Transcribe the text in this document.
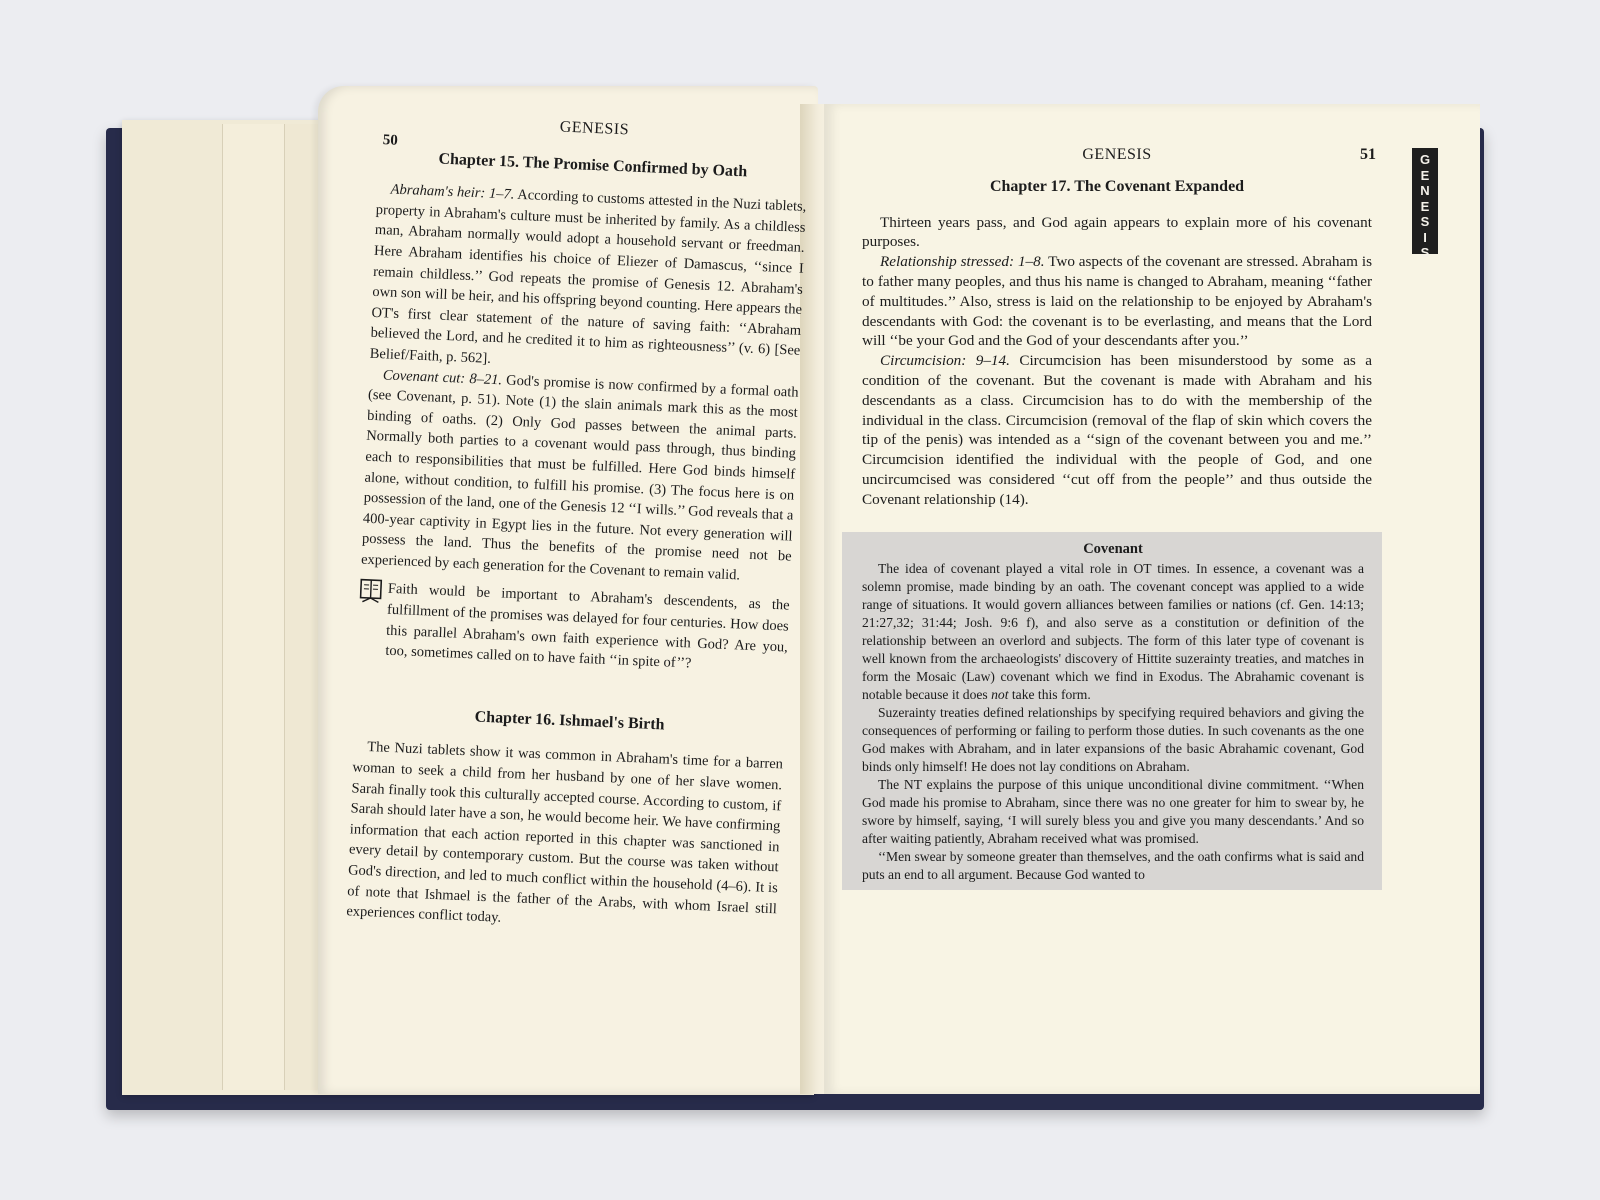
GENESIS
50
Chapter 15. The Promise Confirmed by Oath

Abraham's heir: 1–7. According to customs attested in the Nuzi tablets, property in Abraham's culture must be inherited by family. As a childless man, Abraham normally would adopt a household servant or freedman. Here Abraham identifies his choice of Eliezer of Damascus, ‘‘since I remain childless.’’ God repeats the promise of Genesis 12. Abraham's own son will be heir, and his offspring beyond counting. Here appears the OT's first clear statement of the nature of saving faith: ‘‘Abraham believed the Lord, and he credited it to him as righteousness’’ (v. 6) [See Belief/Faith, p. 562].

Covenant cut: 8–21. God's promise is now confirmed by a formal oath (see Covenant, p. 51). Note (1) the slain animals mark this as the most binding of oaths. (2) Only God passes between the animal parts. Normally both parties to a covenant would pass through, thus binding each to responsibilities that must be fulfilled. Here God binds himself alone, without condition, to fulfill his promise. (3) The focus here is on possession of the land, one of the Genesis 12 ‘‘I wills.’’ God reveals that a 400-year captivity in Egypt lies in the future. Not every generation will possess the land. Thus the benefits of the promise need not be experienced by each generation for the Covenant to remain valid.

Faith would be important to Abraham's descendents, as the fulfillment of the promises was delayed for four centuries. How does this parallel Abraham's own faith experience with God? Are you, too, sometimes called on to have faith ‘‘in spite of’’?
Chapter 16. Ishmael's Birth

The Nuzi tablets show it was common in Abraham's time for a barren woman to seek a child from her husband by one of her slave women. Sarah finally took this culturally accepted course. According to custom, if Sarah should later have a son, he would become heir. We have confirming information that each action reported in this chapter was sanctioned in every detail by contemporary custom. But the course was taken without God's direction, and led to much conflict within the household (4–6). It is of note that Ishmael is the father of the Arabs, with whom Israel still experiences conflict today.

51	G
E
N
E
S
I
S
GENESIS
Chapter 17. The Covenant Expanded

Thirteen years pass, and God again appears to explain more of his covenant purposes.

Relationship stressed: 1–8. Two aspects of the covenant are stressed. Abraham is to father many peoples, and thus his name is changed to Abraham, meaning ‘‘father of multitudes.’’ Also, stress is laid on the relationship to be enjoyed by Abraham's descendants with God: the covenant is to be everlasting, and means that the Lord will ‘‘be your God and the God of your descendants after you.’’

Circumcision: 9–14. Circumcision has been misunderstood by some as a condition of the covenant. But the covenant is made with Abraham and his descendants as a class. Circumcision has to do with the membership of the individual in the class. Circumcision (removal of the flap of skin which covers the tip of the penis) was intended as a ‘‘sign of the covenant between you and me.’’ Circumcision identified the individual with the people of God, and one uncircumcised was considered ‘‘cut off from the people’’ and thus outside the Covenant relationship (14).

Covenant

The idea of covenant played a vital role in OT times. In essence, a covenant was a solemn promise, made binding by an oath. The covenant concept was applied to a wide range of situations. It would govern alliances between families or nations (cf. Gen. 14:13; 21:27,32; 31:44; Josh. 9:6 f), and also serve as a constitution or definition of the relationship between an overlord and subjects. The form of this later type of covenant is well known from the archaeologists' discovery of Hittite suzerainty treaties, and matches in form the Mosaic (Law) covenant which we find in Exodus. The Abrahamic covenant is notable because it does not take this form.

Suzerainty treaties defined relationships by specifying required behaviors and giving the consequences of performing or failing to perform those duties. In such covenants as the one God makes with Abraham, and in later expansions of the basic Abrahamic covenant, God binds only himself! He does not lay conditions on Abraham.

The NT explains the purpose of this unique unconditional divine commitment. ‘‘When God made his promise to Abraham, since there was no one greater for him to swear by, he swore by himself, saying, ‘I will surely bless you and give you many descendants.’ And so after waiting patiently, Abraham received what was promised.

‘‘Men swear by someone greater than themselves, and the oath confirms what is said and puts an end to all argument. Because God wanted to
